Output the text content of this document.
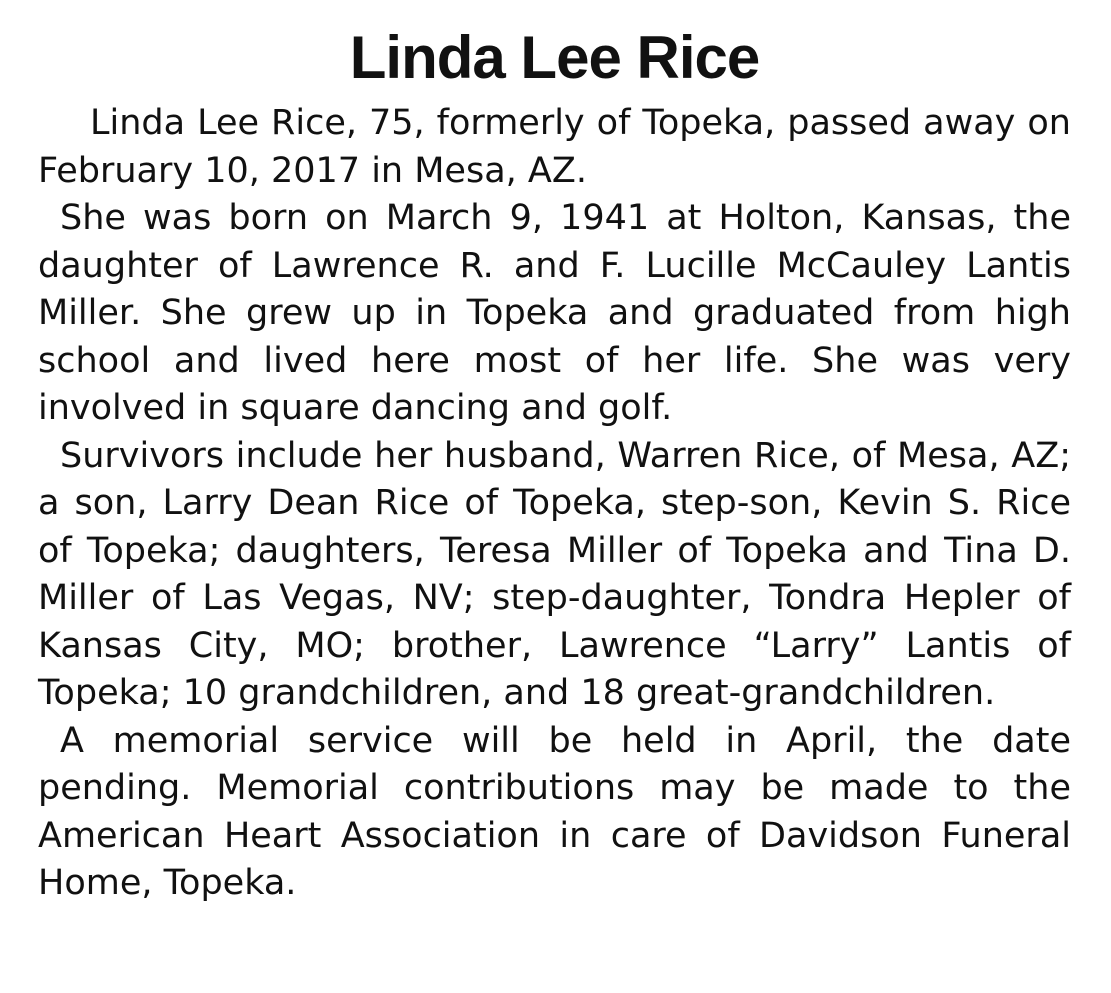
Linda Lee Rice

Linda Lee Rice, 75, formerly of Topeka, passed away on February 10, 2017 in Mesa, AZ.

She was born on March 9, 1941 at Holton, Kansas, the daughter of Lawrence R. and F. Lucille McCauley Lantis Miller. She grew up in Topeka and graduated from high school and lived here most of her life. She was very involved in square dancing and golf.

Survivors include her husband, Warren Rice, of Mesa, AZ; a son, Larry Dean Rice of Topeka, step-son, Kevin S. Rice of Topeka; daughters, Teresa Miller of Topeka and Tina D. Miller of Las Vegas, NV; step-daughter, Tondra Hepler of Kansas City, MO; brother, Lawrence “Larry” Lantis of Topeka; 10 grandchildren, and 18 great-grandchildren.

A memorial service will be held in April, the date pending. Memorial contributions may be made to the American Heart Association in care of Davidson Funeral Home, Topeka.
